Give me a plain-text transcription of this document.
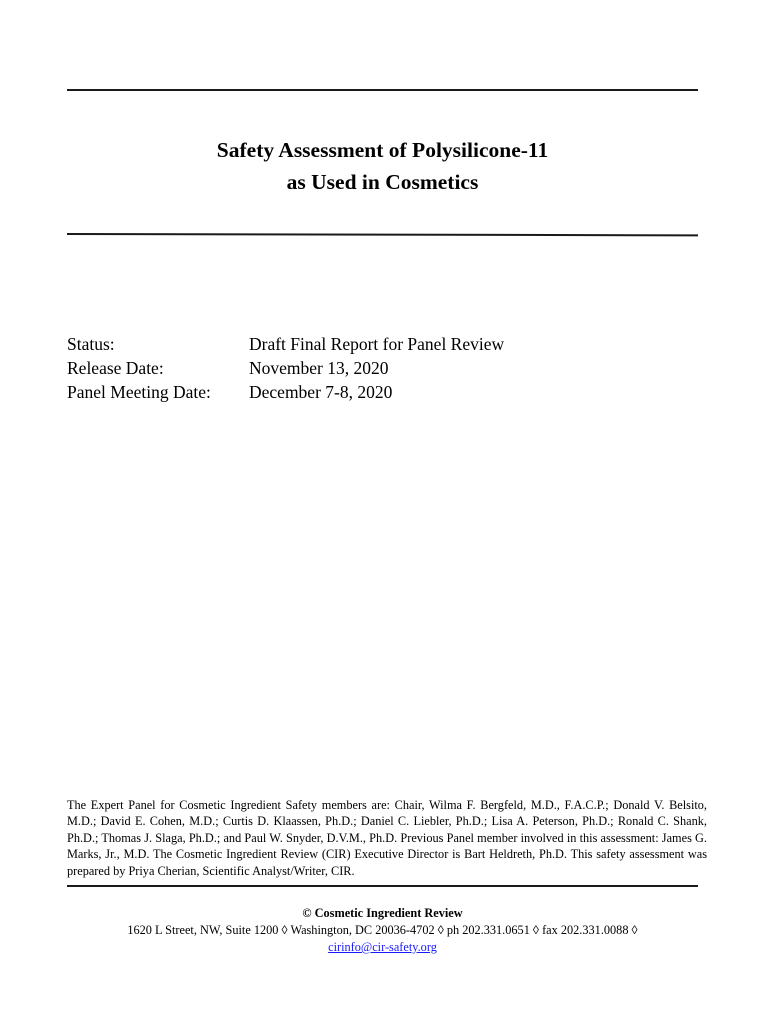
Safety Assessment of Polysilicone-11
as Used in Cosmetics
Status:	Draft Final Report for Panel Review
Release Date:	November 13, 2020
Panel Meeting Date:	December 7-8, 2020
The Expert Panel for Cosmetic Ingredient Safety members are: Chair, Wilma F. Bergfeld, M.D., F.A.C.P.; Donald V. Belsito, M.D.; David E. Cohen, M.D.; Curtis D. Klaassen, Ph.D.; Daniel C. Liebler, Ph.D.; Lisa A. Peterson, Ph.D.; Ronald C. Shank, Ph.D.; Thomas J. Slaga, Ph.D.; and Paul W. Snyder, D.V.M., Ph.D. Previous Panel member involved in this assessment: James G. Marks, Jr., M.D. The Cosmetic Ingredient Review (CIR) Executive Director is Bart Heldreth, Ph.D. This safety assessment was prepared by Priya Cherian, Scientific Analyst/Writer, CIR.
© Cosmetic Ingredient Review
1620 L Street, NW, Suite 1200 ◊ Washington, DC 20036-4702 ◊ ph 202.331.0651 ◊ fax 202.331.0088 ◊
cirinfo@cir-safety.org
